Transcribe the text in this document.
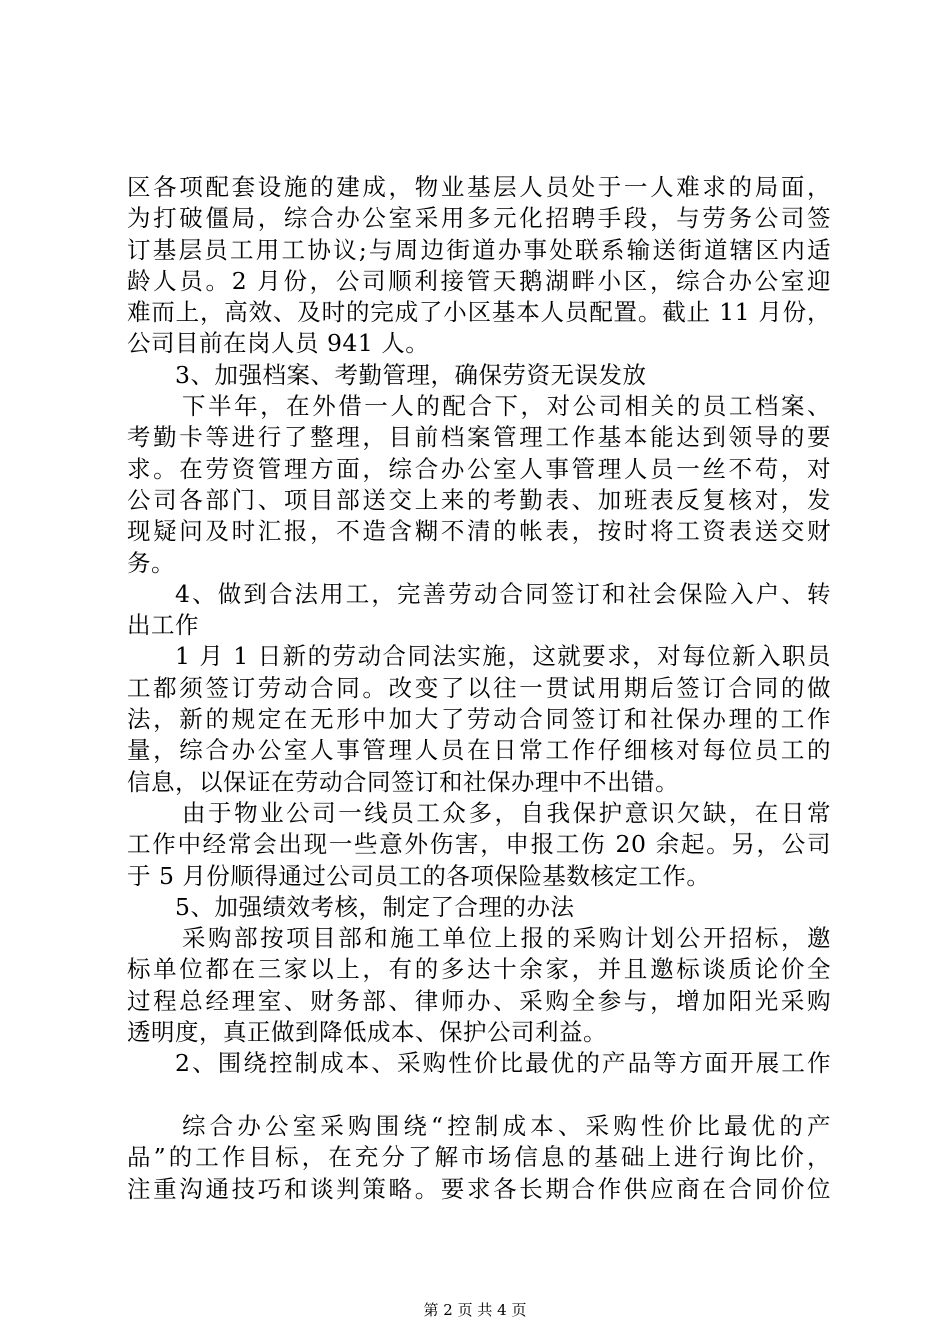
区各项配套设施的建成，物业基层人员处于一人难求的局面，
为打破僵局，综合办公室采用多元化招聘手段，与劳务公司签
订基层员工用工协议;与周边街道办事处联系输送街道辖区内适
龄人员。2 月份，公司顺利接管天鹅湖畔小区，综合办公室迎
难而上，高效、及时的完成了小区基本人员配置。截止 11 月份，
公司目前在岗人员 941 人。
3、加强档案、考勤管理，确保劳资无误发放
下半年，在外借一人的配合下，对公司相关的员工档案、
考勤卡等进行了整理，目前档案管理工作基本能达到领导的要
求。在劳资管理方面，综合办公室人事管理人员一丝不苟，对
公司各部门、项目部送交上来的考勤表、加班表反复核对，发
现疑问及时汇报，不造含糊不清的帐表，按时将工资表送交财
务。
4、做到合法用工，完善劳动合同签订和社会保险入户、转
出工作
1 月 1 日新的劳动合同法实施，这就要求，对每位新入职员
工都须签订劳动合同。改变了以往一贯试用期后签订合同的做
法，新的规定在无形中加大了劳动合同签订和社保办理的工作
量，综合办公室人事管理人员在日常工作仔细核对每位员工的
信息，以保证在劳动合同签订和社保办理中不出错。
由于物业公司一线员工众多，自我保护意识欠缺，在日常
工作中经常会出现一些意外伤害，申报工伤 20 余起。另，公司
于 5 月份顺得通过公司员工的各项保险基数核定工作。
5、加强绩效考核，制定了合理的办法
采购部按项目部和施工单位上报的采购计划公开招标，邀
标单位都在三家以上，有的多达十余家，并且邀标谈质论价全
过程总经理室、财务部、律师办、采购全参与，增加阳光采购
透明度，真正做到降低成本、保护公司利益。
2、围绕控制成本、采购性价比最优的产品等方面开展工作
综合办公室采购围绕“控制成本、采购性价比最优的产
品”的工作目标，在充分了解市场信息的基础上进行询比价，
注重沟通技巧和谈判策略。要求各长期合作供应商在合同价位
第 2 页 共 4 页
